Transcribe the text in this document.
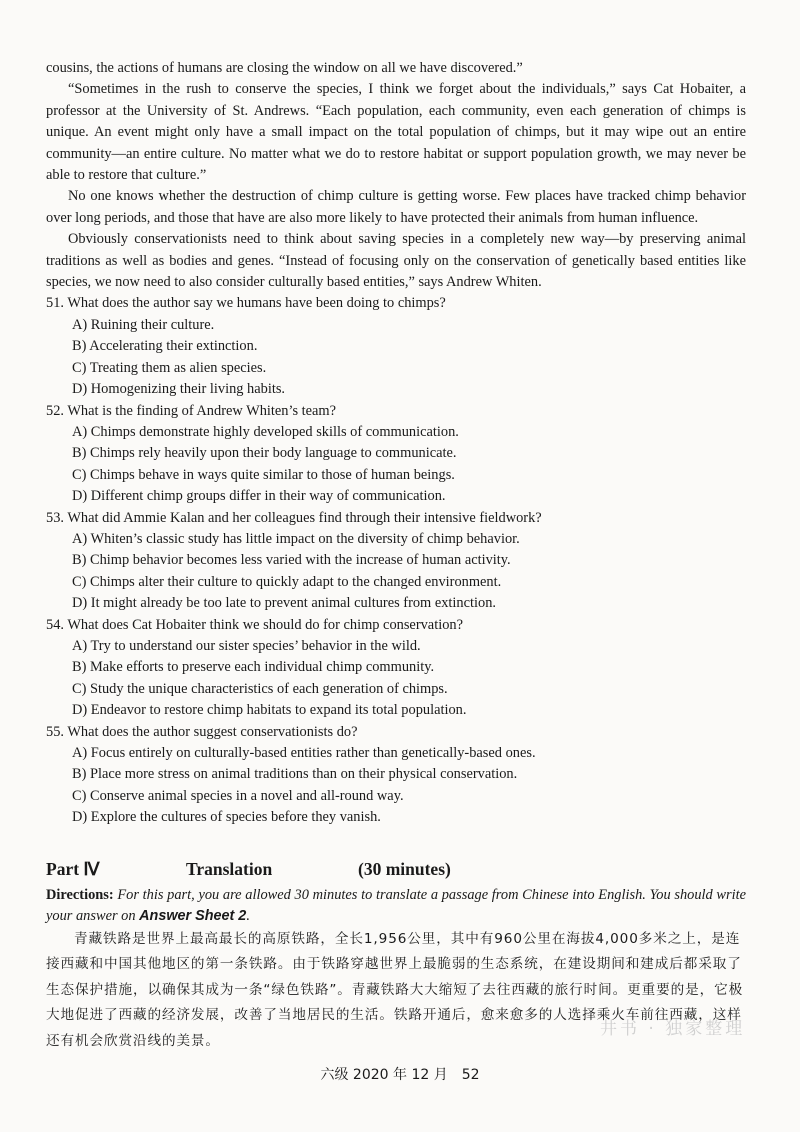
cousins, the actions of humans are closing the window on all we have discovered.”

“Sometimes in the rush to conserve the species, I think we forget about the individuals,” says Cat Hobaiter, a professor at the University of St. Andrews. “Each population, each community, even each generation of chimps is unique. An event might only have a small impact on the total population of chimps, but it may wipe out an entire community—an entire culture. No matter what we do to restore habitat or support population growth, we may never be able to restore that culture.”

No one knows whether the destruction of chimp culture is getting worse. Few places have tracked chimp behavior over long periods, and those that have are also more likely to have protected their animals from human influence.

Obviously conservationists need to think about saving species in a completely new way—by preserving animal traditions as well as bodies and genes. “Instead of focusing only on the conservation of genetically based entities like species, we now need to also consider culturally based entities,” says Andrew Whiten.

51. What does the author say we humans have been doing to chimps?

A) Ruining their culture.

B) Accelerating their extinction.

C) Treating them as alien species.

D) Homogenizing their living habits.

52. What is the finding of Andrew Whiten’s team?

A) Chimps demonstrate highly developed skills of communication.

B) Chimps rely heavily upon their body language to communicate.

C) Chimps behave in ways quite similar to those of human beings.

D) Different chimp groups differ in their way of communication.

53. What did Ammie Kalan and her colleagues find through their intensive fieldwork?

A) Whiten’s classic study has little impact on the diversity of chimp behavior.

B) Chimp behavior becomes less varied with the increase of human activity.

C) Chimps alter their culture to quickly adapt to the changed environment.

D) It might already be too late to prevent animal cultures from extinction.

54. What does Cat Hobaiter think we should do for chimp conservation?

A) Try to understand our sister species’ behavior in the wild.

B) Make efforts to preserve each individual chimp community.

C) Study the unique characteristics of each generation of chimps.

D) Endeavor to restore chimp habitats to expand its total population.

55. What does the author suggest conservationists do?

A) Focus entirely on culturally-based entities rather than genetically-based ones.

B) Place more stress on animal traditions than on their physical conservation.

C) Conserve animal species in a novel and all-round way.

D) Explore the cultures of species before they vanish.

Part Ⅳ	Translation	(30 minutes)

Directions: For this part, you are allowed 30 minutes to translate a passage from Chinese into English. You should write your answer on Answer Sheet 2.

青藏铁路是世界上最高最长的高原铁路，全长1,956公里，其中有960公里在海拔4,000多米之上，是连接西藏和中国其他地区的第一条铁路。由于铁路穿越世界上最脆弱的生态系统，在建设期间和建成后都采取了生态保护措施，以确保其成为一条“绿色铁路”。青藏铁路大大缩短了去往西藏的旅行时间。更重要的是，它极大地促进了西藏的经济发展，改善了当地居民的生活。铁路开通后，愈来愈多的人选择乘火车前往西藏，这样还有机会欣赏沿线的美景。

井书 · 独家整理
六级 2020 年 12 月　52
